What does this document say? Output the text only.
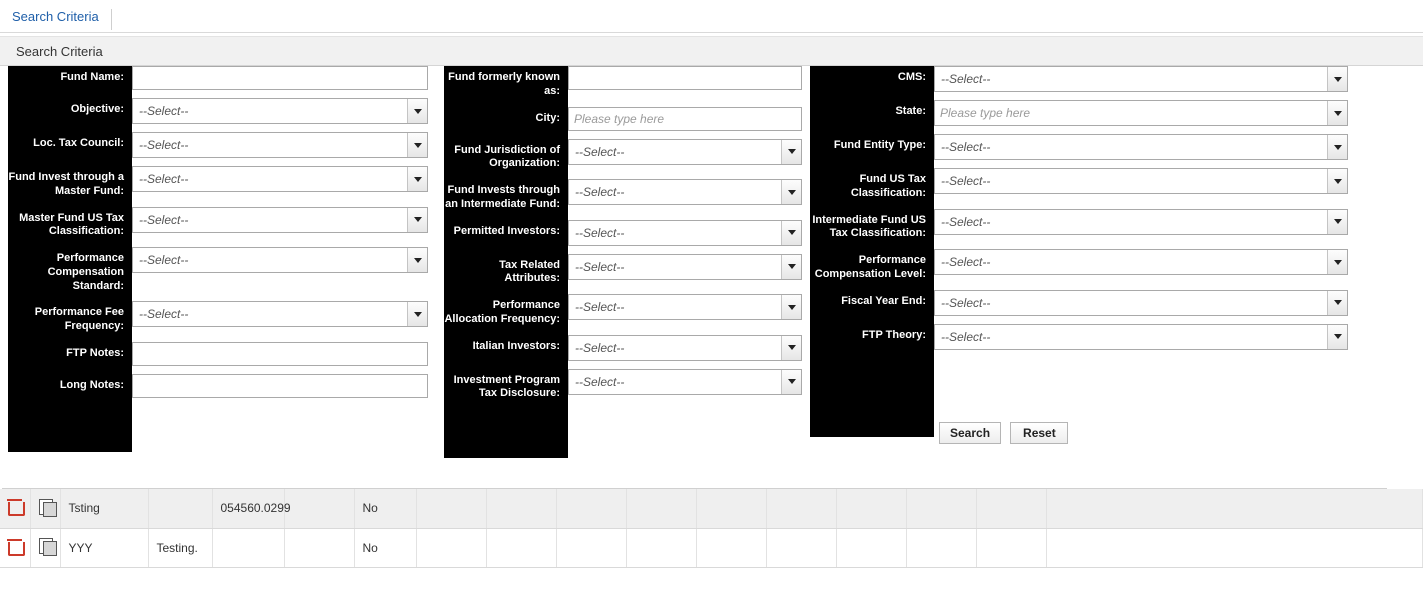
Search Criteria
Search Criteria
Fund Name:
Objective:	--Select--
Loc. Tax Council:	--Select--
Fund Invest through a Master Fund:
--Select--
Master Fund US Tax Classification:
--Select--
Performance Compensation Standard:
--Select--
Performance Fee Frequency:
--Select--
FTP Notes:
Long Notes:
Fund formerly known as:
City:
Please type here
Fund Jurisdiction of Organization:
--Select--
Fund Invests through an Intermediate Fund:
--Select--
Permitted Investors:	--Select--
Tax Related Attributes:
--Select--
Performance Allocation Frequency:
--Select--
Italian Investors:	--Select--
Investment Program Tax Disclosure:
--Select--
CMS:	--Select--
State:
Please type here
Fund Entity Type:	--Select--
Fund US Tax Classification:
--Select--
Intermediate Fund US Tax Classification:
--Select--
Performance Compensation Level:
--Select--
Fiscal Year End:	--Select--
FTP Theory:	--Select--
Search	Reset
		Tsting		054560.0299		No										
		YYY	Testing.			No										
